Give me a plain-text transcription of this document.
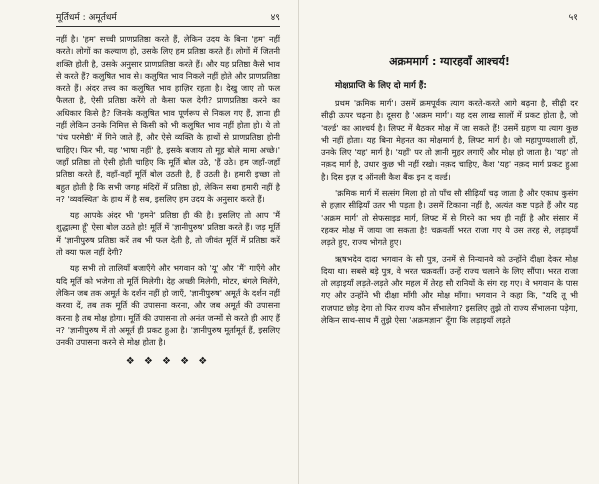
मूर्तिधर्म : अमूर्तधर्म	४९

नहीं है। 'हम' सच्ची प्राणप्रतिष्ठा करते हैं, लेकिन उदय के बिना 'हम' नहीं करते। लोगों का कल्याण हो, उसके लिए हम प्रतिष्ठा करते हैं। लोगों में जितनी शक्ति होती है, उसके अनुसार प्राणप्रतिष्ठा करते हैं। और यह प्रतिष्ठा कैसे भाव से करते हैं? कलुषित भाव से। कलुषित भाव निकले नहीं होते और प्राणप्रतिष्ठा करते हैं। अंदर तत्त्व का कलुषित भाव हाज़िर रहता है। देखु जाए तो फल फैलता है, ऐसी प्रतिष्ठा करेंगे तो कैसा फल देगी? प्राणप्रतिष्ठा करने का अधिकार किसे है? जिनके कलुषित भाव पूर्णरूप से निकल गए हैं, ज्ञाना ही नहीं लेकिन उनके निमित्त से किसी को भी कलुषित भाव नहीं होता हो। ये तो 'पंच परमेष्ठी' में गिने जाते हैं, और ऐसे व्यक्ति के हाथों से प्राणप्रतिष्ठा होनी चाहिए। फिर भी, यह 'भाषा नहीं' है, इसके बजाय तो मूह बोले मामा अच्छे।' जहाँ प्रतिष्ठा तो ऐसी होती चाहिए कि मूर्ति बोल उठे, 'हैं उठे। हम जहाँ-जहाँ प्रतिष्ठा करते हैं, वहाँ-वहाँ मूर्ति बोल उठती है, हैं उठती है। हमारी इच्छा तो बहुत होती है कि सभी जगह मंदिरों में प्रतिष्ठा हो, लेकिन सबा हमारी नहीं है न? 'व्यवस्थित' के हाथ में है सब, इसलिए हम उदय के अनुसार करते हैं।

यह आपके अंदर भी 'हमने' प्रतिष्ठा ही की है। इसलिए तो आप 'मैं शुद्धात्मा हूँ' ऐसा बोल उठते हो! मूर्ति में 'ज्ञानीपुरुष' प्रतिष्ठा करते हैं। जड़ मूर्ति में 'ज्ञानीपुरुष प्रतिष्ठा करें तब भी फल देती है, तो जीवंत मूर्ति में प्रतिष्ठा करें तो क्या फल नहीं देगी?

यह सभी तो तालियाँ बजाएँगे और भगवान को 'यू' और 'मैं' गाएँगे और यदि मूर्ति को भजेगा तो मूर्ति मिलेगी। देह अच्छी मिलेगी, मोटर, बंगले मिलेंगे, लेकिन जब तक अमूर्त के दर्शन नहीं हो जाएँ, 'ज्ञानीपुरुष' अमूर्त के दर्शन नहीं करवा दें, तब तक मूर्ति की उपासना करना, और जब अमूर्त की उपासना करना है तब मोक्ष होगा। मूर्ति की उपासना तो अनंत जन्मों से करते ही आए हैं न? 'ज्ञानीपुरुष में तो अमूर्त ही प्रकट हुआ है। 'ज्ञानीपुरुष मूर्तामूर्त हैं, इसलिए उनकी उपासना करने से मोक्ष होता है।

❖ ❖ ❖ ❖ ❖
५१
अक्रममार्ग : ग्यारहवाँ आश्चर्य!
मोक्षप्राप्ति के लिए दो मार्ग हैं:

प्रथम 'क्रमिक मार्ग'। उसमें क्रमपूर्वक त्याग करते-करते आगे बढ़ना है, सीढ़ी दर सीढ़ी ऊपर चढ़ना है। दूसरा है 'अक्रम मार्ग'। यह दस लाख सालों में प्रकट होता है, जो 'वर्ल्ड' का आश्चर्य है। लिफ्ट में बैठकर मोक्ष में जा सकते हैं! उसमें ग्रहण या त्याग कुछ भी नहीं होता। यह बिना मेहनत का मोक्षमार्ग है, लिफ्ट मार्ग है। जो महापुण्यशाली हों, उनके लिए 'यह' मार्ग है। 'यहाँ' पर तो ज्ञानी मुहर लगाएँ और मोक्ष हो जाता है। 'यह' तो नक़द मार्ग है, उधार कुछ भी नहीं रखो। नक़द चाहिए, कैश 'यह' नक़द मार्ग प्रकट हुआ है। दिस इज़ द ऑनली कैश बैंक इन द वर्ल्ड।

'क्रमिक मार्ग में सत्संग मिला हो तो पाँच सौ सीढ़ियाँ चढ़ जाता है और एकाध कुसंग से हज़ार सीढ़ियाँ उतर भी पड़ता है। उसमें टिकाना नहीं है, अत्यंत कष्ट पड़ते हैं और यह 'अक्रम मार्ग' तो सेफसाइड मार्ग, लिफ्ट में से गिरने का भय ही नहीं है और संसार में रहकर मोक्ष में जाया जा सकता है! चक्रवर्ती भरत राजा गए ये उस तरह से, लड़ाइयाँ लड़ते हुए, राज्य भोगते हुए।

ऋषभदेव दादा भगवान के सौ पुत्र, उनमें से निन्यानवे को उन्होंने दीक्षा देकर मोक्ष दिया था। सबसे बड़े पुत्र, वे भरत चक्रवर्ती। उन्हें राज्य चलाने के लिए सौंपा। भरत राजा तो लड़ाइयाँ लड़ते-लड़ते और महल में तेरह सौ रानियों के संग रह गए। वे भगवान के पास गए और उन्होंने भी दीक्षा माँगी और मोक्ष माँगा। भगवान ने कहा कि, "यदि तू भी राजपाट छोड़ देगा तो फिर राज्य कौन सँभालेगा? इसलिए तुझे तो राज्य सँभालना पड़ेगा, लेकिन साथ-साथ मैं तुझे ऐसा 'अक्रमज्ञान' दूँगा कि लड़ाइयाँ लड़ते
